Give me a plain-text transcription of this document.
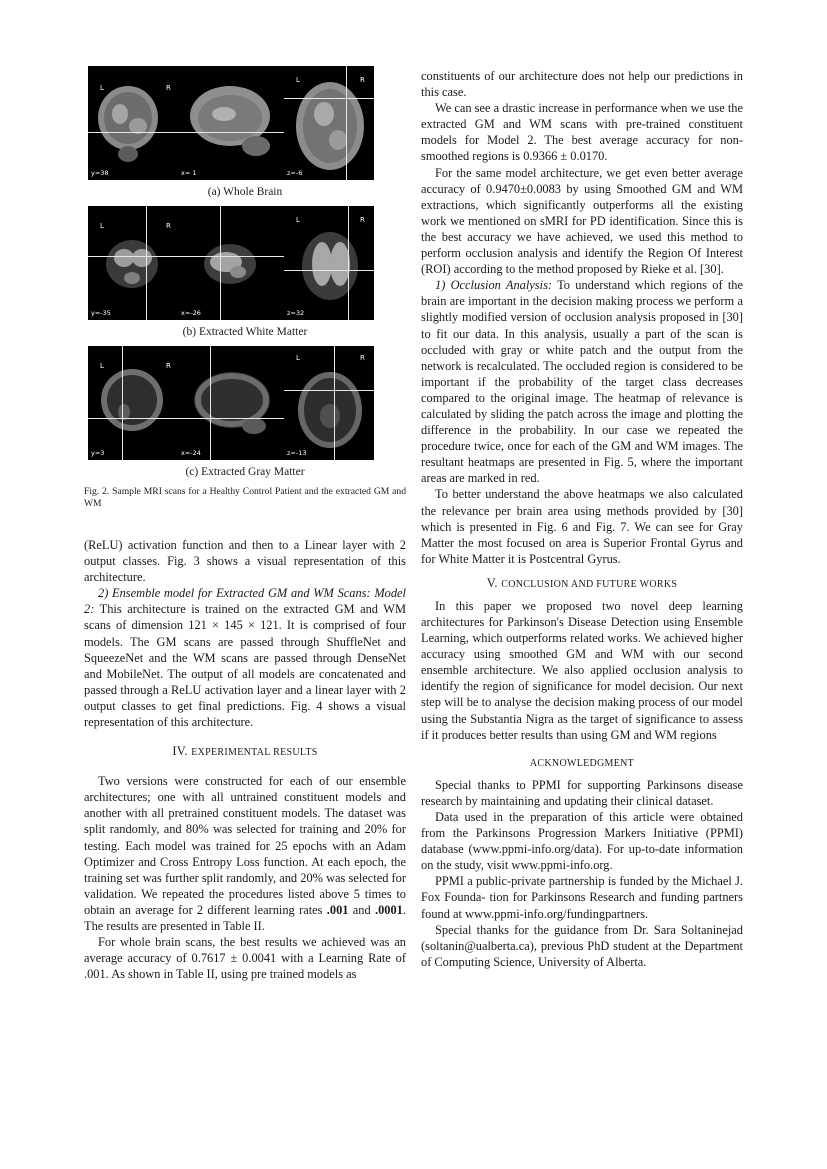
L	R
y=38	x= 1
L	R
z=-6
(a) Whole Brain
L	R
y=-35	x=-26
L	R
z=32
(b) Extracted White Matter
L	R
y=3	x=-24
L	R
z=-13
(c) Extracted Gray Matter

Fig. 2. Sample MRI scans for a Healthy Control Patient and the extracted GM and WM

(ReLU) activation function and then to a Linear layer with 2 output classes. Fig. 3 shows a visual representation of this architecture.

2) Ensemble model for Extracted GM and WM Scans: Model 2: This architecture is trained on the extracted GM and WM scans of dimension 121 × 145 × 121. It is comprised of four models. The GM scans are passed through ShuffleNet and SqueezeNet and the WM scans are passed through DenseNet and MobileNet. The output of all models are concatenated and passed through a ReLU activation layer and a linear layer with 2 output classes to get final predictions. Fig. 4 shows a visual representation of this architecture.

IV. EXPERIMENTAL RESULTS

Two versions were constructed for each of our ensemble architectures; one with all untrained constituent models and another with all pretrained constituent models. The dataset was split randomly, and 80% was selected for training and 20% for testing. Each model was trained for 25 epochs with an Adam Optimizer and Cross Entropy Loss function. At each epoch, the training set was further split randomly, and 20% was selected for validation. We repeated the procedures listed above 5 times to obtain an average for 2 different learning rates .001 and .0001. The results are presented in Table II.

For whole brain scans, the best results we achieved was an average accuracy of 0.7617 ± 0.0041 with a Learning Rate of .001. As shown in Table II, using pre trained models as

constituents of our architecture does not help our predictions in this case.

We can see a drastic increase in performance when we use the extracted GM and WM scans with pre-trained constituent models for Model 2. The best average accuracy for non-smoothed regions is 0.9366 ± 0.0170.

For the same model architecture, we get even better average accuracy of 0.9470±0.0083 by using Smoothed GM and WM extractions, which significantly outperforms all the existing work we mentioned on sMRI for PD identification. Since this is the best accuracy we have achieved, we used this method to perform occlusion analysis and identify the Region Of Interest (ROI) according to the method proposed by Rieke et al. [30].

1) Occlusion Analysis: To understand which regions of the brain are important in the decision making process we perform a slightly modified version of occlusion analysis proposed in [30] to fit our data. In this analysis, usually a part of the scan is occluded with gray or white patch and the output from the network is recalculated. The occluded region is considered to be important if the probability of the target class decreases compared to the original image. The heatmap of relevance is calculated by sliding the patch across the image and plotting the difference in the probability. In our case we repeated the procedure twice, once for each of the GM and WM images. The resultant heatmaps are presented in Fig. 5, where the important areas are marked in red.

To better understand the above heatmaps we also calculated the relevance per brain area using methods provided by [30] which is presented in Fig. 6 and Fig. 7. We can see for Gray Matter the most focused on area is Superior Frontal Gyrus and for White Matter it is Postcentral Gyrus.

V. CONCLUSION AND FUTURE WORKS

In this paper we proposed two novel deep learning architectures for Parkinson's Disease Detection using Ensemble Learning, which outperforms related works. We achieved higher accuracy using smoothed GM and WM with our second ensemble architecture. We also applied occlusion analysis to identify the region of significance for model decision. Our next step will be to analyse the decision making process of our model using the Substantia Nigra as the target of significance to assess if it produces better results than using GM and WM regions

ACKNOWLEDGMENT

Special thanks to PPMI for supporting Parkinsons disease research by maintaining and updating their clinical dataset.

Data used in the preparation of this article were obtained from the Parkinsons Progression Markers Initiative (PPMI) database (www.ppmi-info.org/data). For up-to-date information on the study, visit www.ppmi-info.org.

PPMI a public-private partnership is funded by the Michael J. Fox Founda- tion for Parkinsons Research and funding partners found at www.ppmi-info.org/fundingpartners.

Special thanks for the guidance from Dr. Sara Soltaninejad (soltanin@ualberta.ca), previous PhD student at the Department of Computing Science, University of Alberta.
